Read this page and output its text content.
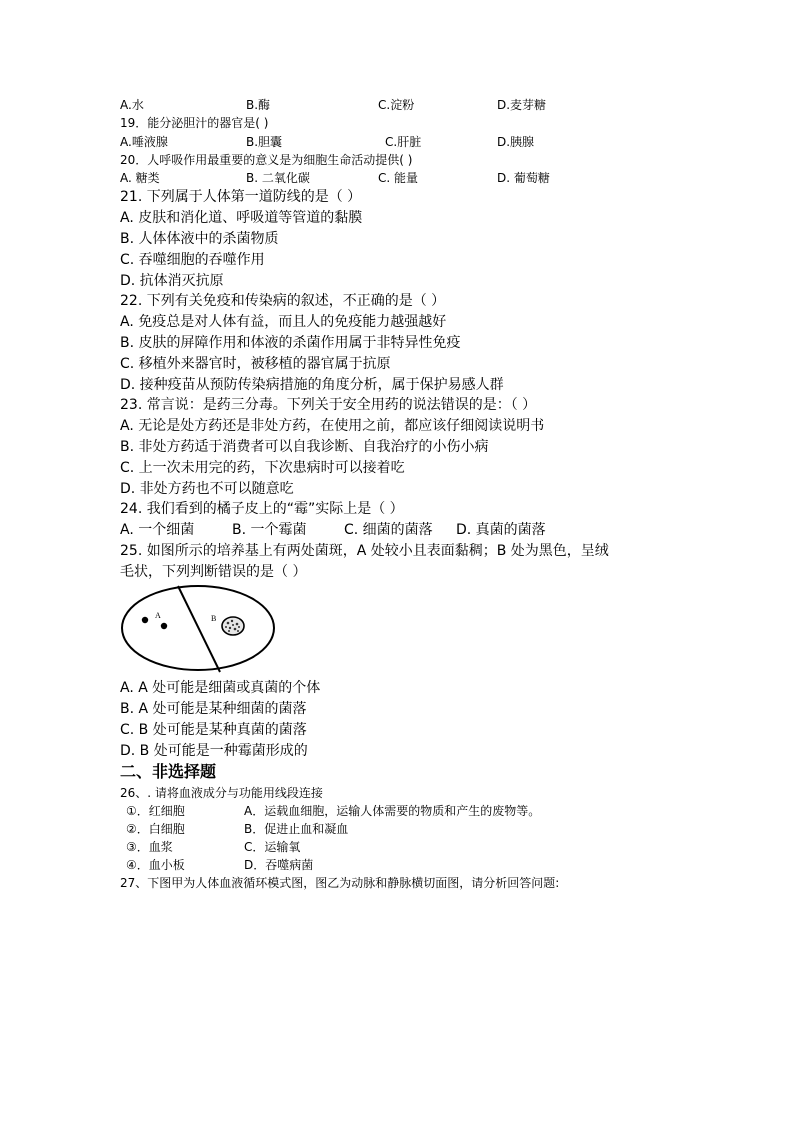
A.水	B.酶	C.淀粉	D.麦芽糖
19．能分泌胆汁的器官是( )
A.唾液腺	B.胆囊	C.肝脏	D.胰腺
20．人呼吸作用最重要的意义是为细胞生命活动提供( )
A. 糖类	B. 二氧化碳	C. 能量	D. 葡萄糖
21. 下列属于人体第一道防线的是（ ）
A. 皮肤和消化道、呼吸道等管道的黏膜
B. 人体体液中的杀菌物质
C. 吞噬细胞的吞噬作用
D. 抗体消灭抗原
22. 下列有关免疫和传染病的叙述，不正确的是（ ）
A. 免疫总是对人体有益，而且人的免疫能力越强越好
B. 皮肤的屏障作用和体液的杀菌作用属于非特异性免疫
C. 移植外来器官时，被移植的器官属于抗原
D. 接种疫苗从预防传染病措施的角度分析，属于保护易感人群
23. 常言说：是药三分毒。下列关于安全用药的说法错误的是：（ ）
A. 无论是处方药还是非处方药，在使用之前，都应该仔细阅读说明书
B. 非处方药适于消费者可以自我诊断、自我治疗的小伤小病
C. 上一次未用完的药，下次患病时可以接着吃
D. 非处方药也不可以随意吃
24. 我们看到的橘子皮上的“霉”实际上是（ ）
A. 一个细菌	B. 一个霉菌	C. 细菌的菌落 D. 真菌的菌落
25. 如图所示的培养基上有两处菌斑，A 处较小且表面黏稠；B 处为黑色，呈绒
毛状，下列判断错误的是（ ）
A	B
A. A 处可能是细菌或真菌的个体
B. A 处可能是某种细菌的菌落
C. B 处可能是某种真菌的菌落
D. B 处可能是一种霉菌形成的
二、非选择题
26、. 请将血液成分与功能用线段连接
①．红细胞	A．运载血细胞，运输人体需要的物质和产生的废物等。
②．白细胞	B．促进止血和凝血
③．血浆	C．运输氧
④．血小板	D．吞噬病菌
27、下图甲为人体血液循环模式图，图乙为动脉和静脉横切面图，请分析回答问题:
